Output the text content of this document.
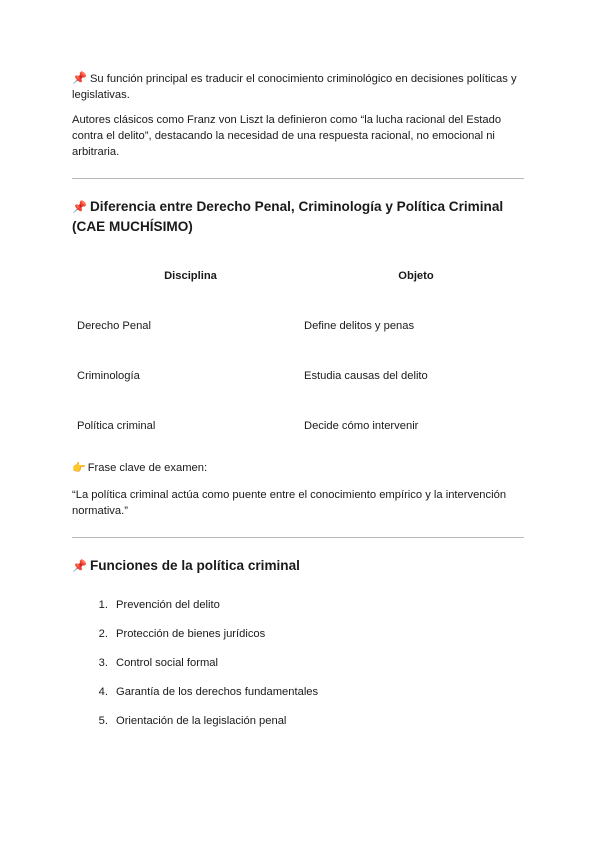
📌 Su función principal es traducir el conocimiento criminológico en decisiones políticas y legislativas.

Autores clásicos como Franz von Liszt la definieron como “la lucha racional del Estado contra el delito”, destacando la necesidad de una respuesta racional, no emocional ni arbitraria.

📌 Diferencia entre Derecho Penal, Criminología y Política Criminal (CAE MUCHÍSIMO)
Disciplina	Objeto
Derecho Penal	Define delitos y penas
Criminología	Estudia causas del delito
Política criminal	Decide cómo intervenir

👉 Frase clave de examen:

“La política criminal actúa como puente entre el conocimiento empírico y la intervención normativa.”

📌 Funciones de la política criminal
1. Prevención del delito
2. Protección de bienes jurídicos
3. Control social formal
4. Garantía de los derechos fundamentales
5. Orientación de la legislación penal
